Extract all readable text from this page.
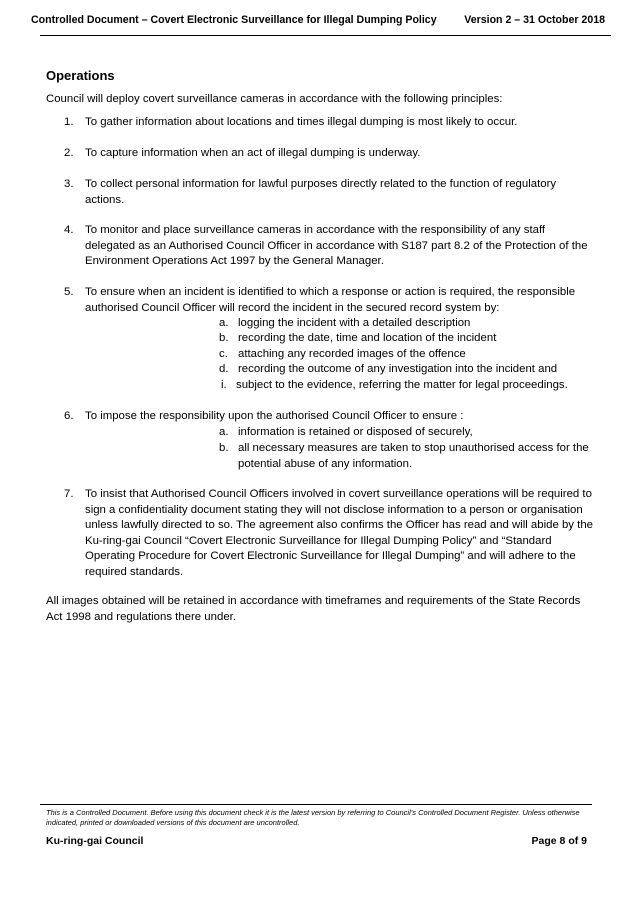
Controlled Document – Covert Electronic Surveillance for Illegal Dumping Policy	Version 2 – 31 October 2018
Operations
Council will deploy covert surveillance cameras in accordance with the following principles:
1. To gather information about locations and times illegal dumping is most likely to occur.
2. To capture information when an act of illegal dumping is underway.
3. To collect personal information for lawful purposes directly related to the function of regulatory actions.
4. To monitor and place surveillance cameras in accordance with the responsibility of any staff delegated as an Authorised Council Officer in accordance with S187 part 8.2 of the Protection of the Environment Operations Act 1997 by the General Manager.
5. To ensure when an incident is identified to which a response or action is required, the responsible authorised Council Officer will record the incident in the secured record system by:
a. logging the incident with a detailed description
b. recording the date, time and location of the incident
c. attaching any recorded images of the offence
d. recording the outcome of any investigation into the incident and
i. subject to the evidence, referring the matter for legal proceedings.
6. To impose the responsibility upon the authorised Council Officer to ensure :
a. information is retained or disposed of securely,
b. all necessary measures are taken to stop unauthorised access for the potential abuse of any information.
7. To insist that Authorised Council Officers involved in covert surveillance operations will be required to sign a confidentiality document stating they will not disclose information to a person or organisation unless lawfully directed to so. The agreement also confirms the Officer has read and will abide by the Ku-ring-gai Council “Covert Electronic Surveillance for Illegal Dumping Policy” and “Standard Operating Procedure for Covert Electronic Surveillance for Illegal Dumping” and will adhere to the required standards.
All images obtained will be retained in accordance with timeframes and requirements of the State Records Act 1998 and regulations there under.
This is a Controlled Document. Before using this document check it is the latest version by referring to Council’s Controlled Document Register. Unless otherwise indicated, printed or downloaded versions of this document are uncontrolled.
Ku-ring-gai Council	Page 8 of 9
